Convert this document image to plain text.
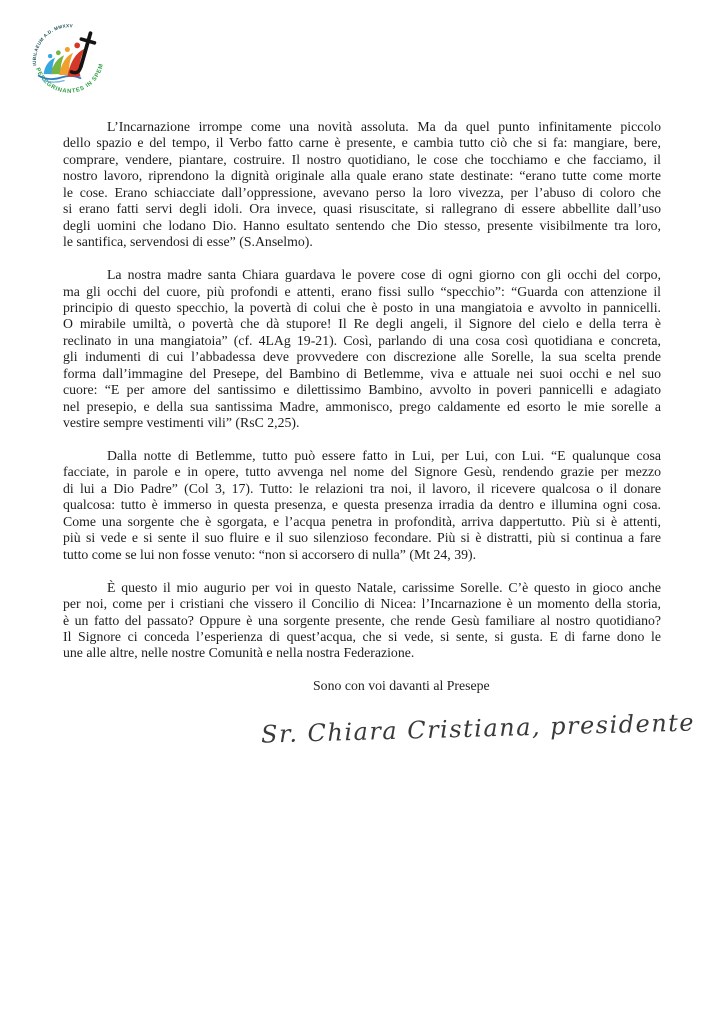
IUBILAEUM A.D. MMXXV
PEREGRINANTES IN SPEM
L’Incarnazione irrompe come una novità assoluta. Ma da quel punto infinitamente piccolo
dello spazio e del tempo, il Verbo fatto carne è presente, e cambia tutto ciò che si fa: mangiare, bere,
comprare, vendere, piantare, costruire. Il nostro quotidiano, le cose che tocchiamo e che facciamo, il
nostro lavoro, riprendono la dignità originale alla quale erano state destinate: “erano tutte come morte
le cose. Erano schiacciate dall’oppressione, avevano perso la loro vivezza, per l’abuso di coloro che
si erano fatti servi degli idoli. Ora invece, quasi risuscitate, si rallegrano di essere abbellite dall’uso
degli uomini che lodano Dio. Hanno esultato sentendo che Dio stesso, presente visibilmente tra loro,
le santifica, servendosi di esse” (S.Anselmo).
La nostra madre santa Chiara guardava le povere cose di ogni giorno con gli occhi del corpo,
ma gli occhi del cuore, più profondi e attenti, erano fissi sullo “specchio”: “Guarda con attenzione il
principio di questo specchio, la povertà di colui che è posto in una mangiatoia e avvolto in pannicelli.
O mirabile umiltà, o povertà che dà stupore! Il Re degli angeli, il Signore del cielo e della terra è
reclinato in una mangiatoia” (cf. 4LAg 19-21). Così, parlando di una cosa così quotidiana e concreta,
gli indumenti di cui l’abbadessa deve provvedere con discrezione alle Sorelle, la sua scelta prende
forma dall’immagine del Presepe, del Bambino di Betlemme, viva e attuale nei suoi occhi e nel suo
cuore: “E per amore del santissimo e dilettissimo Bambino, avvolto in poveri pannicelli e adagiato
nel presepio, e della sua santissima Madre, ammonisco, prego caldamente ed esorto le mie sorelle a
vestire sempre vestimenti vili” (RsC 2,25).
Dalla notte di Betlemme, tutto può essere fatto in Lui, per Lui, con Lui. “E qualunque cosa
facciate, in parole e in opere, tutto avvenga nel nome del Signore Gesù, rendendo grazie per mezzo
di lui a Dio Padre” (Col 3, 17). Tutto: le relazioni tra noi, il lavoro, il ricevere qualcosa o il donare
qualcosa: tutto è immerso in questa presenza, e questa presenza irradia da dentro e illumina ogni cosa.
Come una sorgente che è sgorgata, e l’acqua penetra in profondità, arriva dappertutto. Più si è attenti,
più si vede e si sente il suo fluire e il suo silenzioso fecondare. Più si è distratti, più si continua a fare
tutto come se lui non fosse venuto: “non si accorsero di nulla” (Mt 24, 39).
È questo il mio augurio per voi in questo Natale, carissime Sorelle. C’è questo in gioco anche
per noi, come per i cristiani che vissero il Concilio di Nicea: l’Incarnazione è un momento della storia,
è un fatto del passato? Oppure è una sorgente presente, che rende Gesù familiare al nostro quotidiano?
Il Signore ci conceda l’esperienza di quest’acqua, che si vede, si sente, si gusta. E di farne dono le
une alle altre, nelle nostre Comunità e nella nostra Federazione.
Sono con voi davanti al Presepe
Sr. Chiara Cristiana, presidente
